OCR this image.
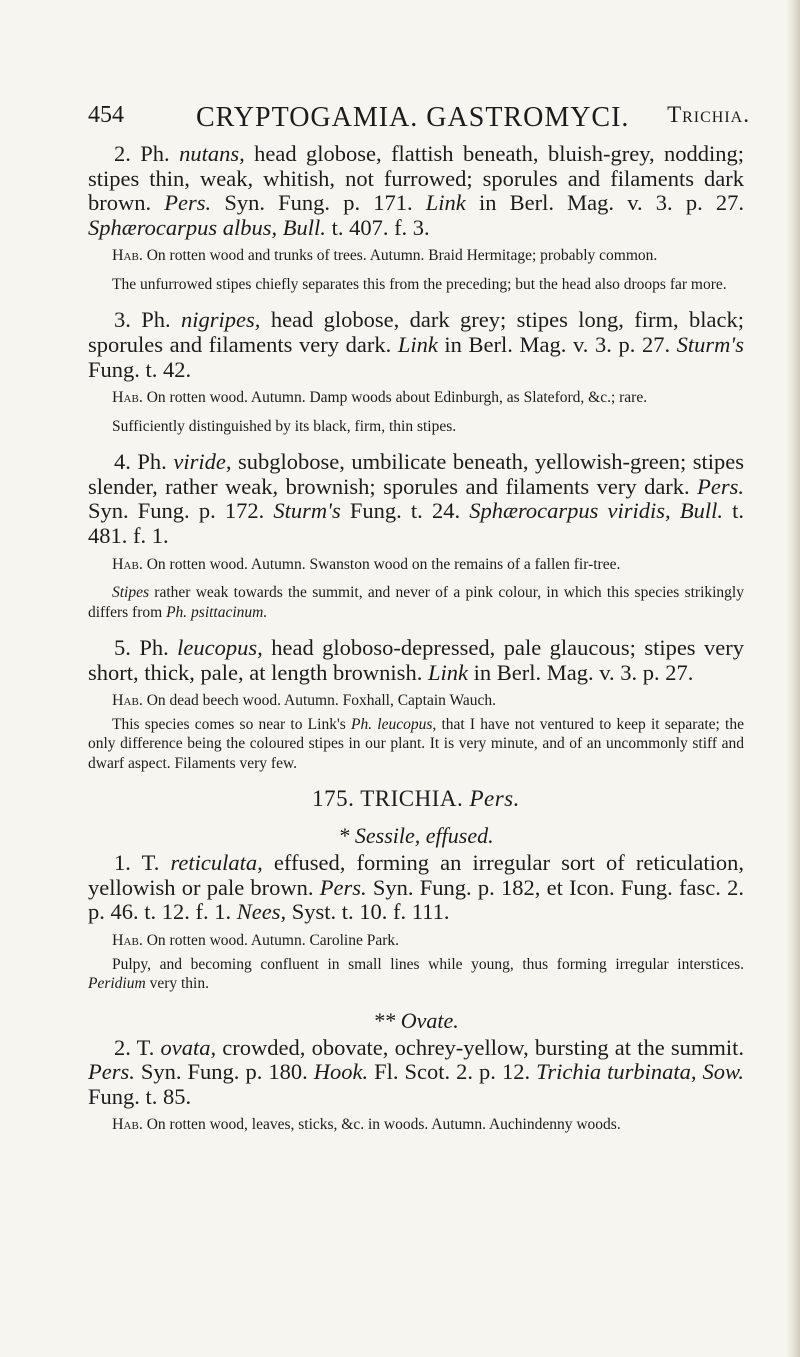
454	CRYPTOGAMIA. GASTROMYCI. Trichia.

2. Ph. nutans, head globose, flattish beneath, bluish-grey, nodding; stipes thin, weak, whitish, not furrowed; sporules and filaments dark brown. Pers. Syn. Fung. p. 171. Link in Berl. Mag. v. 3. p. 27. Sphærocarpus albus, Bull. t. 407. f. 3.

Hab. On rotten wood and trunks of trees. Autumn. Braid Hermitage; probably common.

The unfurrowed stipes chiefly separates this from the preceding; but the head also droops far more.

3. Ph. nigripes, head globose, dark grey; stipes long, firm, black; sporules and filaments very dark. Link in Berl. Mag. v. 3. p. 27. Sturm's Fung. t. 42.

Hab. On rotten wood. Autumn. Damp woods about Edinburgh, as Slateford, &c.; rare.

Sufficiently distinguished by its black, firm, thin stipes.

4. Ph. viride, subglobose, umbilicate beneath, yellowish-green; stipes slender, rather weak, brownish; sporules and filaments very dark. Pers. Syn. Fung. p. 172. Sturm's Fung. t. 24. Sphærocarpus viridis, Bull. t. 481. f. 1.

Hab. On rotten wood. Autumn. Swanston wood on the remains of a fallen fir-tree.

Stipes rather weak towards the summit, and never of a pink colour, in which this species strikingly differs from Ph. psittacinum.

5. Ph. leucopus, head globoso-depressed, pale glaucous; stipes very short, thick, pale, at length brownish. Link in Berl. Mag. v. 3. p. 27.

Hab. On dead beech wood. Autumn. Foxhall, Captain Wauch.

This species comes so near to Link's Ph. leucopus, that I have not ventured to keep it separate; the only difference being the coloured stipes in our plant. It is very minute, and of an uncommonly stiff and dwarf aspect. Filaments very few.

175. TRICHIA. Pers.

* Sessile, effused.

1. T. reticulata, effused, forming an irregular sort of reticulation, yellowish or pale brown. Pers. Syn. Fung. p. 182, et Icon. Fung. fasc. 2. p. 46. t. 12. f. 1. Nees, Syst. t. 10. f. 111.

Hab. On rotten wood. Autumn. Caroline Park.

Pulpy, and becoming confluent in small lines while young, thus forming irregular interstices. Peridium very thin.

** Ovate.

2. T. ovata, crowded, obovate, ochrey-yellow, bursting at the summit. Pers. Syn. Fung. p. 180. Hook. Fl. Scot. 2. p. 12. Trichia turbinata, Sow. Fung. t. 85.

Hab. On rotten wood, leaves, sticks, &c. in woods. Autumn. Auchindenny woods.
